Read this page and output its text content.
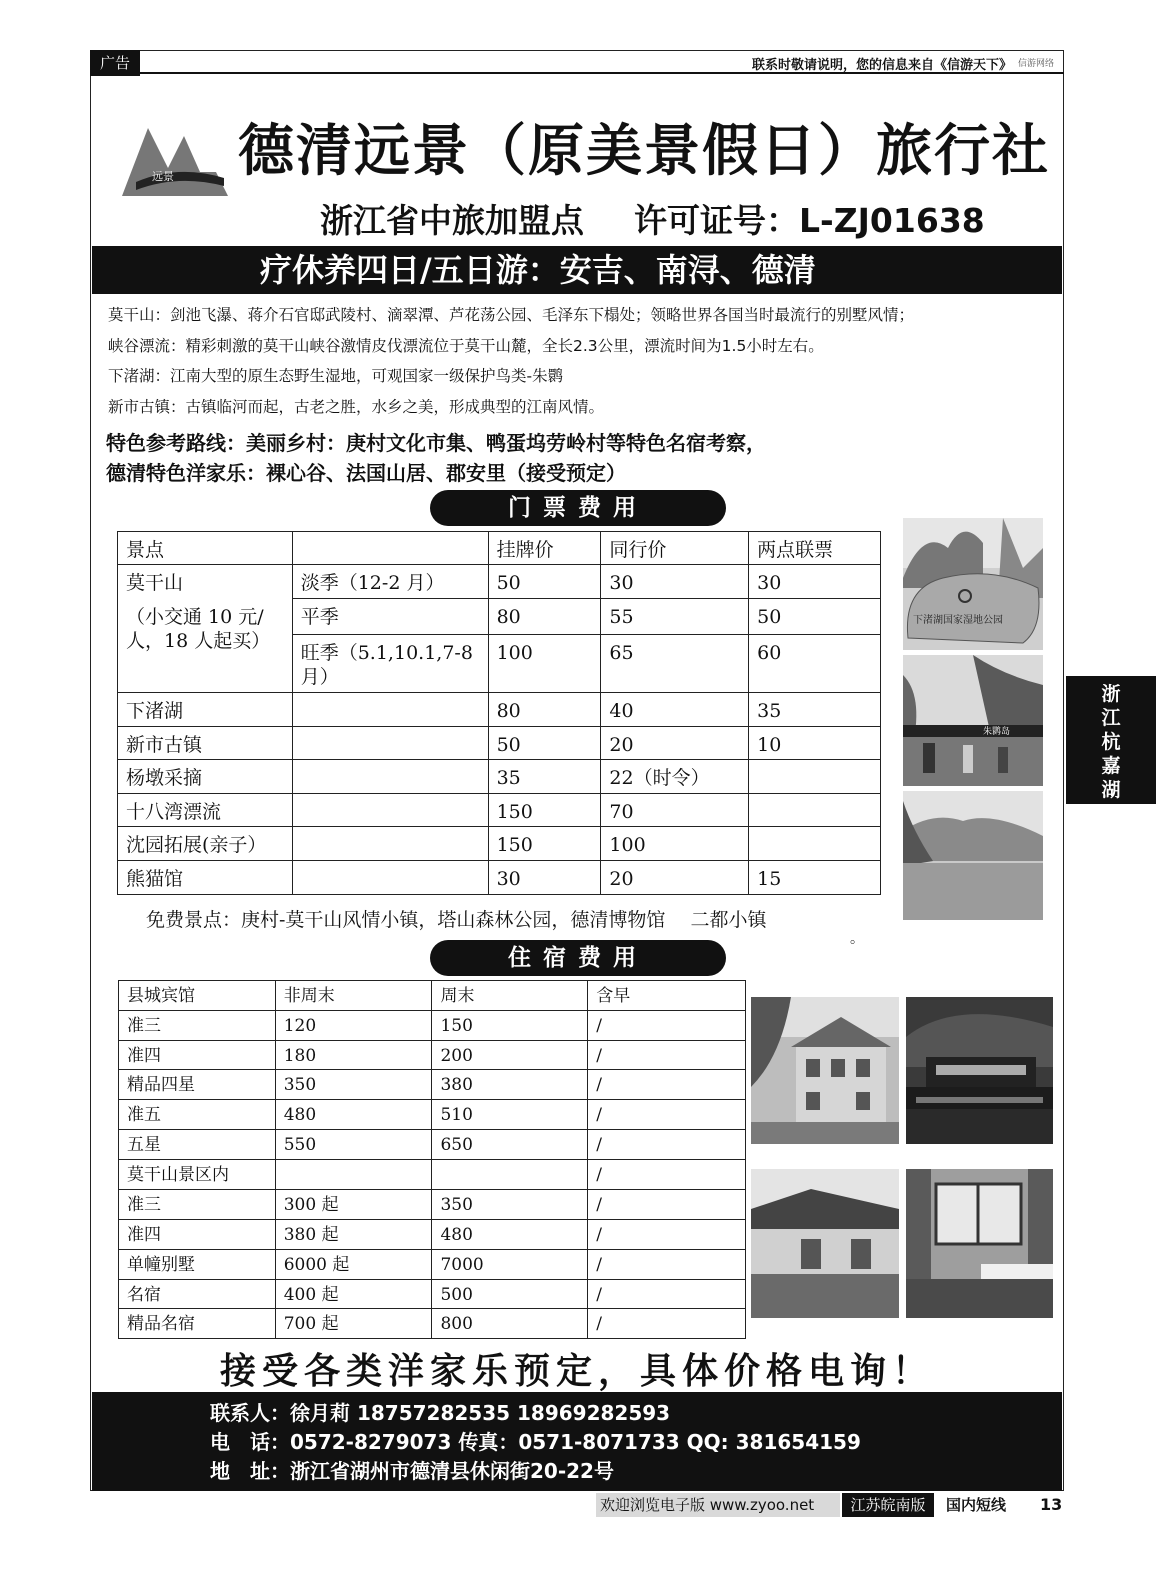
广告	联系时敬请说明，您的信息来自《信游天下》 信游网络
远景 德清远景（原美景假日）旅行社
浙江省中旅加盟点 许可证号：L-ZJ01638
疗休养四日/五日游：安吉、南浔、德清
莫干山：剑池飞瀑、蒋介石官邸武陵村、滴翠潭、芦花荡公园、毛泽东下榻处；领略世界各国当时最流行的别墅风情；
峡谷漂流：精彩刺激的莫干山峡谷激情皮伐漂流位于莫干山麓，全长2.3公里，漂流时间为1.5小时左右。
下渚湖：江南大型的原生态野生湿地，可观国家一级保护鸟类-朱鹮
新市古镇：古镇临河而起，古老之胜，水乡之美，形成典型的江南风情。
特色参考路线：美丽乡村：庚村文化市集、鸭蛋坞劳岭村等特色名宿考察，
德清特色洋家乐：裸心谷、法国山居、郡安里（接受预定）
门票费用
景点		挂牌价	同行价	两点联票

莫干山
（小交通 10 元/人，18 人起买）	淡季（12-2 月）	50	30	30
	平季	80	55	50
	旺季（5.1,10.1,7-8月）	100	65	60
下渚湖		80	40	35
新市古镇		50	20	10
杨墩采摘		35	22（时令）	
十八湾漂流		150	70	
沈园拓展(亲子）		150	100	
熊猫馆		30	20	15
免费景点：庚村-莫干山风情小镇，塔山森林公园，德清博物馆　 二都小镇
。
下渚湖国家湿地公园
朱鹮岛
浙江杭嘉湖
住宿费用
县城宾馆	非周末	周末	含早
准三	120	150	/
准四	180	200	/
精品四星	350	380	/
准五	480	510	/
五星	550	650	/
莫干山景区内			/
准三	300 起	350	/
准四	380 起	480	/
单幢别墅	6000 起	7000	/
名宿	400 起	500	/
精品名宿	700 起	800	/
接受各类洋家乐预定，具体价格电询！
联系人：徐月莉 18757282535 18969282593
电　话：0572-8279073 传真：0571-8071733 QQ: 381654159
地　址：浙江省湖州市德清县休闲街20-22号
欢迎浏览电子版 www.zyoo.net	江苏皖南版	国内短线	13
